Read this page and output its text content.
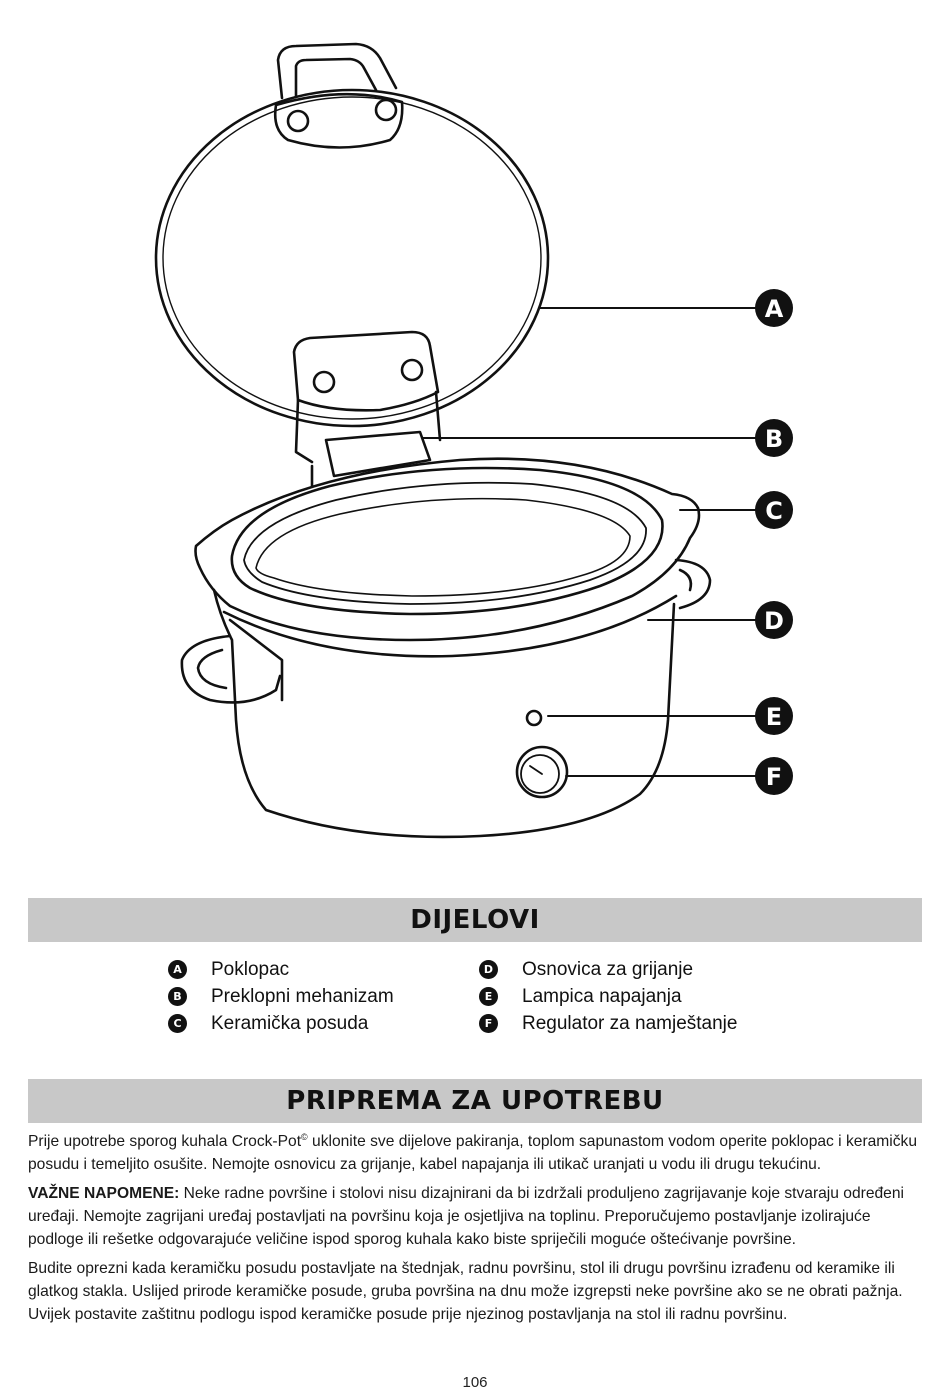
A
B
C
D
E
F
DIJELOVI
A Poklopac
B Preklopni mehanizam
C Keramička posuda
D Osnovica za grijanje
E	Lampica napajanja
F	Regulator za namještanje
PRIPREMA ZA UPOTREBU

Prije upotrebe sporog kuhala Crock-Pot© uklonite sve dijelove pakiranja, toplom sapunastom vodom operite poklopac i keramičku posudu i temeljito osušite. Nemojte osnovicu za grijanje, kabel napajanja ili utikač uranjati u vodu ili drugu tekućinu.

VAŽNE NAPOMENE: Neke radne površine i stolovi nisu dizajnirani da bi izdržali produljeno zagrijavanje koje stvaraju određeni uređaji. Nemojte zagrijani uređaj postavljati na površinu koja je osjetljiva na toplinu. Preporučujemo postavljanje izolirajuće podloge ili rešetke odgovarajuće veličine ispod sporog kuhala kako biste spriječili moguće oštećivanje površine.

Budite oprezni kada keramičku posudu postavljate na štednjak, radnu površinu, stol ili drugu površinu izrađenu od keramike ili glatkog stakla. Uslijed prirode keramičke posude, gruba površina na dnu može izgrepsti neke površine ako se ne obrati pažnja. Uvijek postavite zaštitnu podlogu ispod keramičke posude prije njezinog postavljanja na stol ili radnu površinu.

106
